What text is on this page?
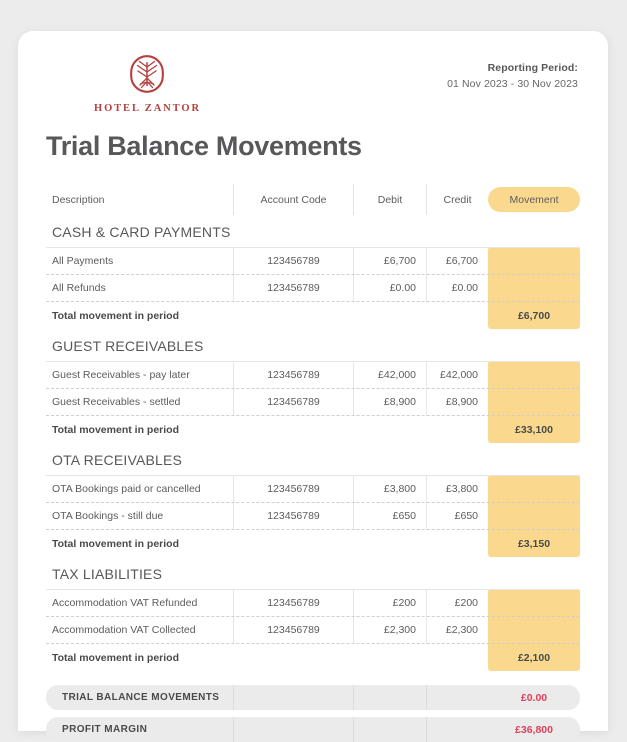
HOTEL ZANTOR
Reporting Period:
01 Nov 2023 - 30 Nov 2023
Trial Balance Movements
Description	Account Code	Debit	Credit	Movement
CASH & CARD PAYMENTS
All Payments	123456789	£6,700	£6,700
All Refunds	123456789	£0.00	£0.00
Total movement in period	£6,700
GUEST RECEIVABLES
Guest Receivables - pay later	123456789	£42,000	£42,000
Guest Receivables - settled	123456789	£8,900	£8,900
Total movement in period	£33,100
OTA RECEIVABLES
OTA Bookings paid or cancelled	123456789	£3,800	£3,800
OTA Bookings - still due	123456789	£650	£650
Total movement in period	£3,150
TAX LIABILITIES
Accommodation VAT Refunded	123456789	£200	£200
Accommodation VAT Collected	123456789	£2,300	£2,300
Total movement in period	£2,100
TRIAL BALANCE MOVEMENTS	£0.00
PROFIT MARGIN	£36,800
